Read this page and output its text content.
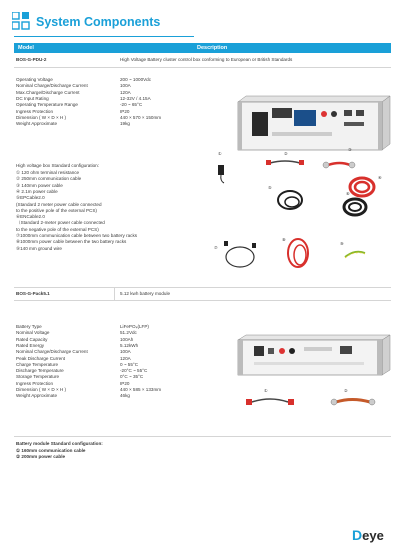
System Components
Model	Description
BOS-G-PDU-2	High Voltage Battery cluster control box conforming to European or British Standards
Operating Voltage	200 ~ 1000Vdc
Nominal Charge/Discharge Current	100A
Max.Charge/Discharge Current	120A
DC Input Rating	12-32V / 4.15A
Operating Temperature Range	-20 ~ 65°C
Ingress Protection	IP20
Dimension ( W × D × H )	440 × 570 × 150mm
Weight Approximate	19kg
High voltage box Standard configuration:
① 120 ohm terminal resistance
② 250mm communication cable
③ 140mm power cable
④ 2.1m power cable
⑤EPCable2.0
(Standard 2 meter power cable connected
to the positive pole of the external PCS)
⑥ENCable2.0
（Standard 2-meter power cable connected
to the negative pole of the external PCS)
⑦1000mm communication cable between two battery racks
⑧1000mm power cable between the two battery racks
⑨140 mm ground wire
①	②
③
④
⑤
⑥
⑦
⑧
⑨
BOS-G-Pack5.1	5.12 kwh battery module
Battery Type	LiFePO₄(LFP)
Nominal Voltage	51.2Vdc
Rated Capacity	100Ah
Rated Energy	5.12kWh
Nominal Charge/Discharge Current	100A
Peak Discharge Current	120A
Charge Temperature	0 ~ 55°C
Discharge Temperature	-20°C ~ 55°C
Storage Temperature	0°C ~ 35°C
Ingress Protection	IP20
Dimension ( W × D × H )	440 × 585 × 133mm
Weight Approximate	46kg
①	②
Battery module Standard configuration:
① 160mm communication cable
② 200mm power cable
Deye
